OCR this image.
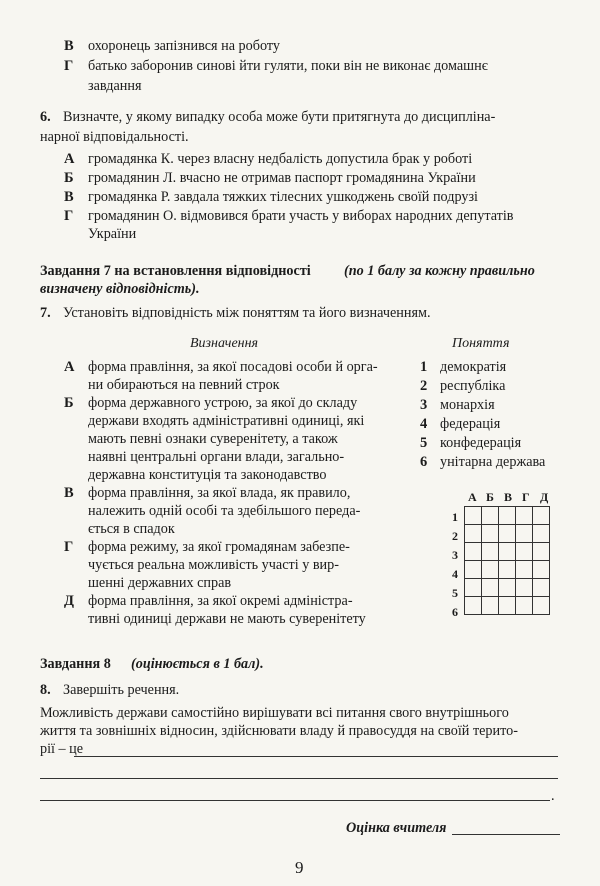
В охоронець запізнився на роботу
Г батько заборонив синові йти гуляти, поки він не виконає домашнє
завдання
6. Визначте, у якому випадку особа може бути притягнута до дисципліна-
нарної відповідальності.
А громадянка К. через власну недбалість допустила брак у роботі
Б громадянин Л. вчасно не отримав паспорт громадянина України
В громадянка Р. завдала тяжких тілесних ушкоджень своїй подрузі
Г громадянин О. відмовився брати участь у виборах народних депутатів
України
Завдання 7 на встановлення відповідності (по 1 балу за кожну правильно
визначену відповідність).
7. Установіть відповідність між поняттям та його визначенням.
Визначення	Поняття
А форма правління, за якої посадові особи й орга-
ни обираються на певний строк
Б форма державного устрою, за якої до складу
держави входять адміністративні одиниці, які
мають певні ознаки суверенітету, а також
наявні центральні органи влади, загально-
державна конституція та законодавство
В форма правління, за якої влада, як правило,
належить одній особі та здебільшого переда-
ється в спадок
Г форма режиму, за якої громадянам забезпе-
чується реальна можливість участі у вир-
шенні державних справ
Д форма правління, за якої окремі адміністра-
тивні одиниці держави не мають суверенітету
1 демократія
2 республіка
3 монархія
4 федерація
5 конфедерація
6 унітарна держава
А Б В Г Д
1
2
3
4
5
6

Завдання 8 (оцінюється в 1 бал).
8. Завершіть речення.
Можливість держави самостійно вирішувати всі питання свого внутрішнього
життя та зовнішніх відносин, здійснювати владу й правосуддя на своїй терито-
рії – це
.
Оцінка вчителя
9
